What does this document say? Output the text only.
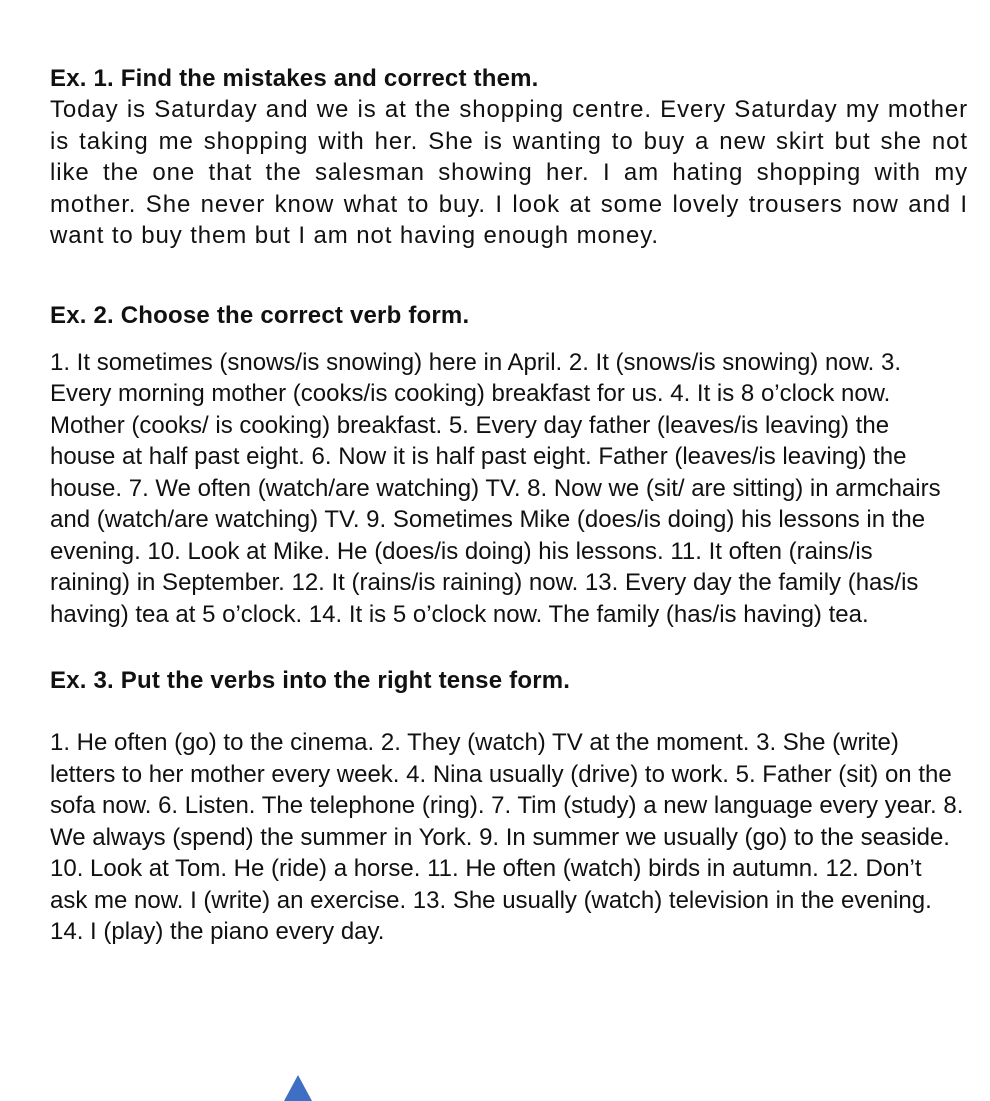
Ex. 1. Find the mistakes and correct them.

Today is Saturday and we is at the shopping centre. Every Saturday my mother is taking me shopping with her. She is wanting to buy a new skirt but she not like the one that the salesman showing her. I am hating shopping with my mother. She never know what to buy. I look at some lovely trousers now and I want to buy them but I am not having enough money.

Ex. 2. Choose the correct verb form.

1. It sometimes (snows/is snowing) here in April. 2. It (snows/is snowing) now. 3. Every morning mother (cooks/is cooking) breakfast for us. 4. It is 8 o’clock now. Mother (cooks/ is cooking) breakfast. 5. Every day father (leaves/is leaving) the house at half past eight. 6. Now it is half past eight. Father (leaves/is leaving) the house. 7. We often (watch/are watching) TV. 8. Now we (sit/ are sitting) in armchairs and (watch/are watching) TV. 9. Sometimes Mike (does/is doing) his lessons in the evening. 10. Look at Mike. He (does/is doing) his lessons. 11. It often (rains/is raining) in September. 12. It (rains/is raining) now. 13. Every day the family (has/is having) tea at 5 o’clock. 14. It is 5 o’clock now. The family (has/is having) tea.

Ex. 3. Put the verbs into the right tense form.

1. He often (go) to the cinema. 2. They (watch) TV at the moment. 3. She (write) letters to her mother every week. 4. Nina usually (drive) to work. 5. Father (sit) on the sofa now. 6. Listen. The telephone (ring). 7. Tim (study) a new language every year. 8. We always (spend) the summer in York. 9. In summer we usually (go) to the seaside. 10. Look at Tom. He (ride) a horse. 11. He often (watch) birds in autumn. 12. Don’t ask me now. I (write) an exercise. 13. She usually (watch) television in the evening. 14. I (play) the piano every day.
